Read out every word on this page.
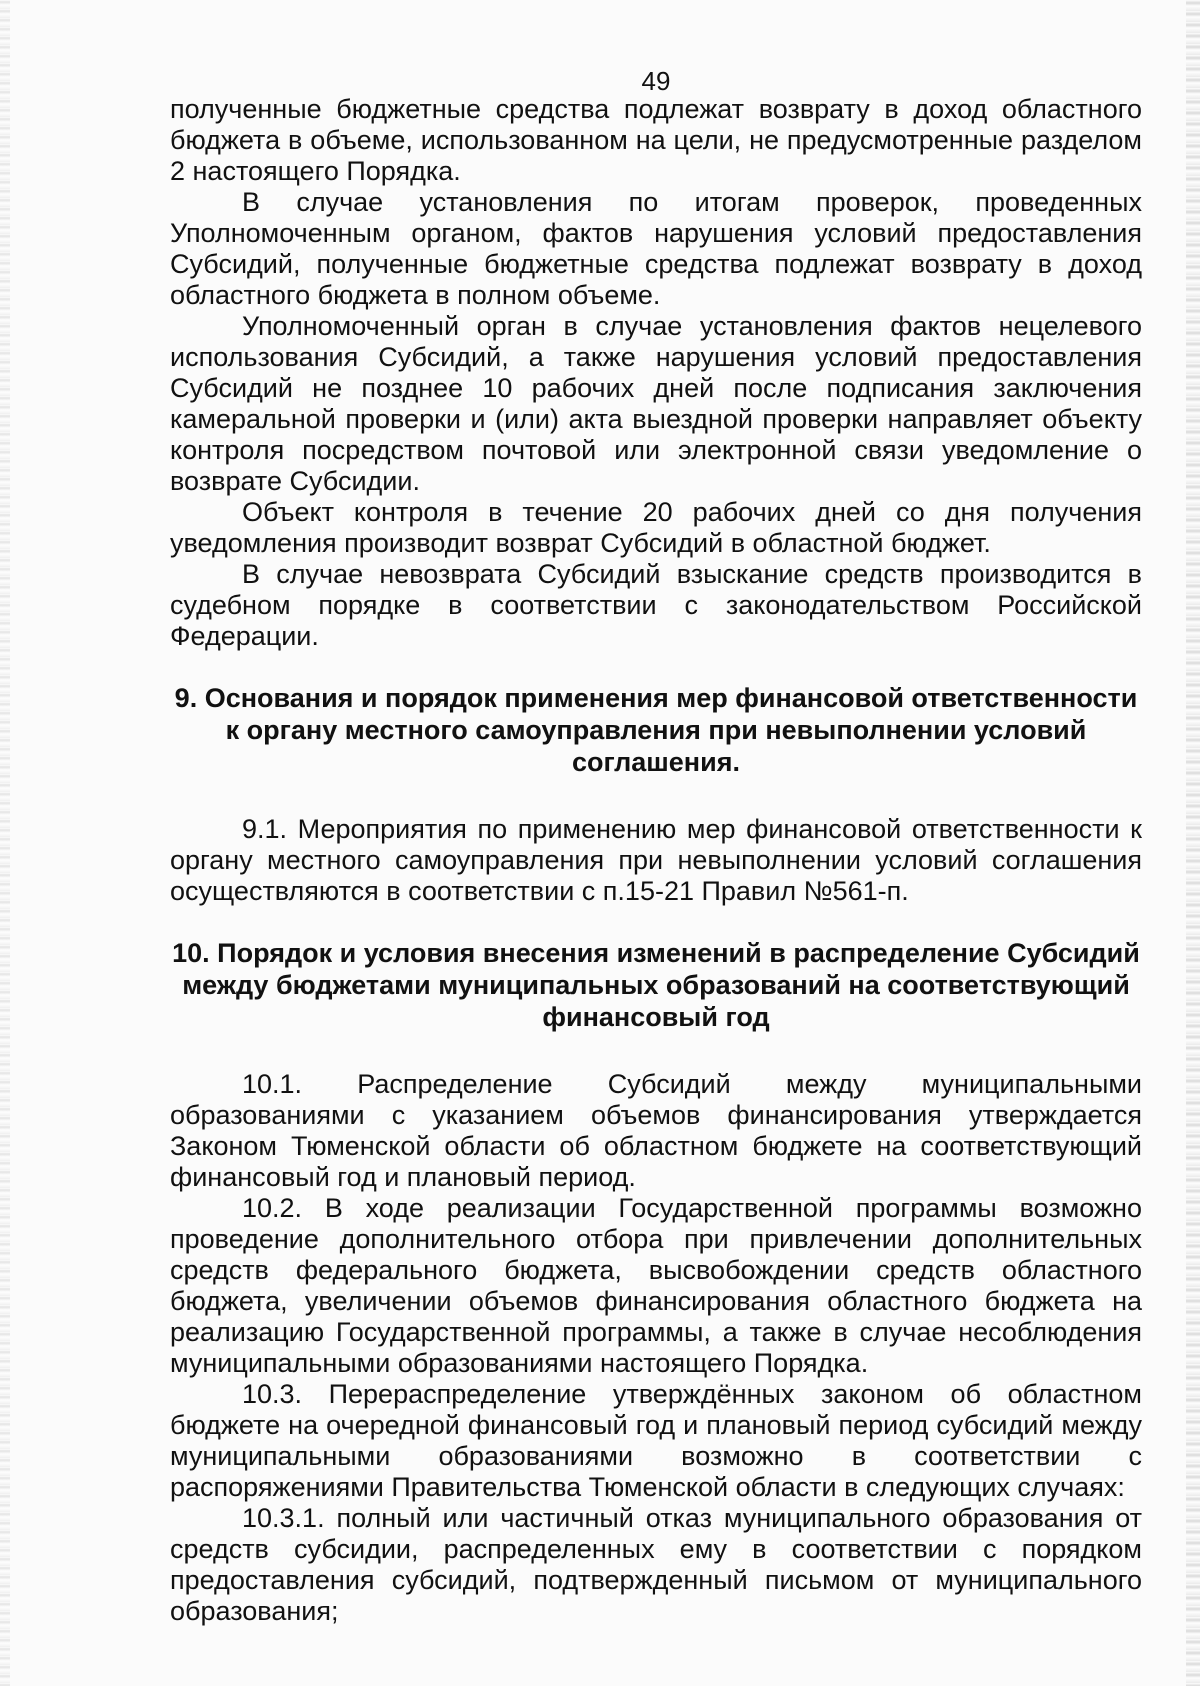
49

полученные бюджетные средства подлежат возврату в доход областного бюджета в объеме, использованном на цели, не предусмотренные разделом 2 настоящего Порядка.

В случае установления по итогам проверок, проведенных Уполномоченным органом, фактов нарушения условий предоставления Субсидий, полученные бюджетные средства подлежат возврату в доход областного бюджета в полном объеме.

Уполномоченный орган в случае установления фактов нецелевого использования Субсидий, а также нарушения условий предоставления Субсидий не позднее 10 рабочих дней после подписания заключения камеральной проверки и (или) акта выездной проверки направляет объекту контроля посредством почтовой или электронной связи уведомление о возврате Субсидии.

Объект контроля в течение 20 рабочих дней со дня получения уведомления производит возврат Субсидий в областной бюджет.

В случае невозврата Субсидий взыскание средств производится в судебном порядке в соответствии с законодательством Российской Федерации.

9. Основания и порядок применения мер финансовой ответственности к органу местного самоуправления при невыполнении условий соглашения.

9.1. Мероприятия по применению мер финансовой ответственности к органу местного самоуправления при невыполнении условий соглашения осуществляются в соответствии с п.15-21 Правил №561-п.

10. Порядок и условия внесения изменений в распределение Субсидий между бюджетами муниципальных образований на соответствующий финансовый год

10.1. Распределение Субсидий между муниципальными образованиями с указанием объемов финансирования утверждается Законом Тюменской области об областном бюджете на соответствующий финансовый год и плановый период.

10.2. В ходе реализации Государственной программы возможно проведение дополнительного отбора при привлечении дополнительных средств федерального бюджета, высвобождении средств областного бюджета, увеличении объемов финансирования областного бюджета на реализацию Государственной программы, а также в случае несоблюдения муниципальными образованиями настоящего Порядка.

10.3. Перераспределение утверждённых законом об областном бюджете на очередной финансовый год и плановый период субсидий между муниципальными образованиями возможно в соответствии с распоряжениями Правительства Тюменской области в следующих случаях:

10.3.1. полный или частичный отказ муниципального образования от средств субсидии, распределенных ему в соответствии с порядком предоставления субсидий, подтвержденный письмом от муниципального образования;
